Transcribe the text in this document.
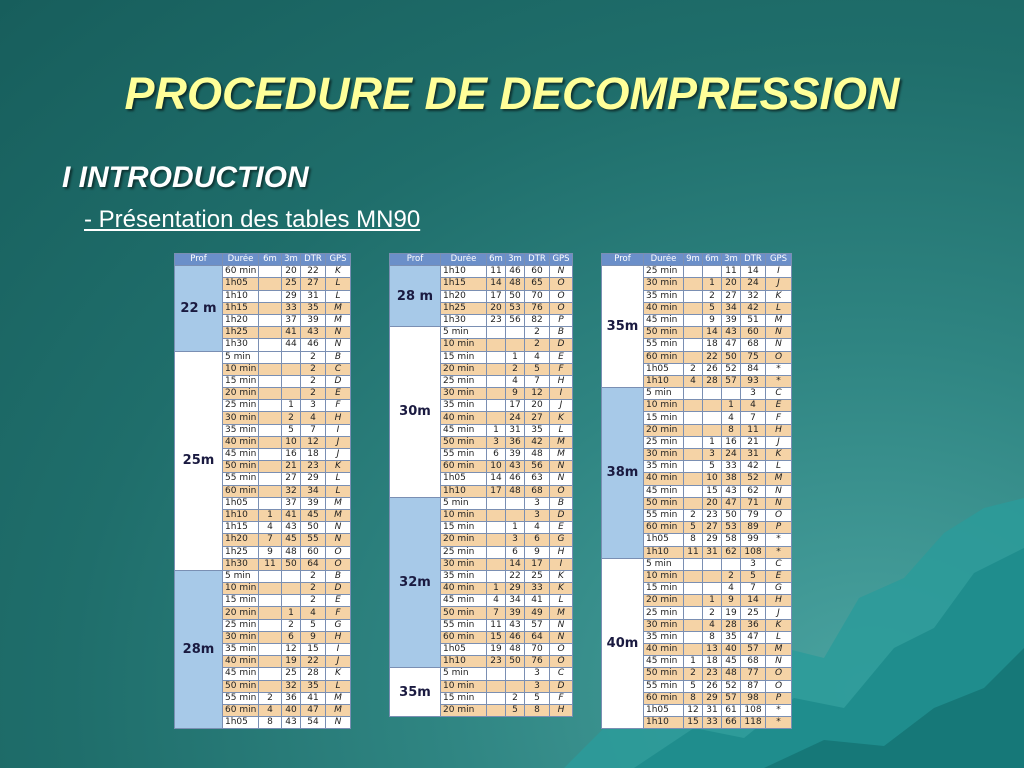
PROCEDURE DE DECOMPRESSION
I INTRODUCTION
- Présentation des tables MN90
Prof	Durée	6m	3m	DTR	GPS
22 m	60 min		20	22	K
	1h05		25	27	L
	1h10		29	31	L
	1h15		33	35	M
	1h20		37	39	M
	1h25		41	43	N
	1h30		44	46	N
25m	5 min			2	B
	10 min			2	C
	15 min			2	D
	20 min			2	E
	25 min		1	3	F
	30 min		2	4	H
	35 min		5	7	I
	40 min		10	12	J
	45 min		16	18	J
	50 min		21	23	K
	55 min		27	29	L
	60 min		32	34	L
	1h05		37	39	M
	1h10	1	41	45	M
	1h15	4	43	50	N
	1h20	7	45	55	N
	1h25	9	48	60	O
	1h30	11	50	64	O
28m	5 min			2	B
	10 min			2	D
	15 min			2	E
	20 min		1	4	F
	25 min		2	5	G
	30 min		6	9	H
	35 min		12	15	I
	40 min		19	22	J
	45 min		25	28	K
	50 min		32	35	L
	55 min	2	36	41	M
	60 min	4	40	47	M
	1h05	8	43	54	N
Prof	Durée	6m	3m	DTR	GPS
28 m	1h10	11	46	60	N
	1h15	14	48	65	O
	1h20	17	50	70	O
	1h25	20	53	76	O
	1h30	23	56	82	P
30m	5 min			2	B
	10 min			2	D
	15 min		1	4	E
	20 min		2	5	F
	25 min		4	7	H
	30 min		9	12	I
	35 min		17	20	J
	40 min		24	27	K
	45 min	1	31	35	L
	50 min	3	36	42	M
	55 min	6	39	48	M
	60 min	10	43	56	N
	1h05	14	46	63	N
	1h10	17	48	68	O
32m	5 min			3	B
	10 min			3	D
	15 min		1	4	E
	20 min		3	6	G
	25 min		6	9	H
	30 min		14	17	I
	35 min		22	25	K
	40 min	1	29	33	K
	45 min	4	34	41	L
	50 min	7	39	49	M
	55 min	11	43	57	N
	60 min	15	46	64	N
	1h05	19	48	70	O
	1h10	23	50	76	O
35m	5 min			3	C
	10 min			3	D
	15 min		2	5	F
	20 min		5	8	H
Prof	Durée	9m	6m	3m	DTR	GPS
35m	25 min			11	14	I
	30 min		1	20	24	J
	35 min		2	27	32	K
	40 min		5	34	42	L
	45 min		9	39	51	M
	50 min		14	43	60	N
	55 min		18	47	68	N
	60 min		22	50	75	O
	1h05	2	26	52	84	*
	1h10	4	28	57	93	*
38m	5 min				3	C
	10 min			1	4	E
	15 min			4	7	F
	20 min			8	11	H
	25 min		1	16	21	J
	30 min		3	24	31	K
	35 min		5	33	42	L
	40 min		10	38	52	M
	45 min		15	43	62	N
	50 min		20	47	71	N
	55 min	2	23	50	79	O
	60 min	5	27	53	89	P
	1h05	8	29	58	99	*
	1h10	11	31	62	108	*
40m	5 min				3	C
	10 min			2	5	E
	15 min			4	7	G
	20 min		1	9	14	H
	25 min		2	19	25	J
	30 min		4	28	36	K
	35 min		8	35	47	L
	40 min		13	40	57	M
	45 min	1	18	45	68	N
	50 min	2	23	48	77	O
	55 min	5	26	52	87	O
	60 min	8	29	57	98	P
	1h05	12	31	61	108	*
	1h10	15	33	66	118	*
